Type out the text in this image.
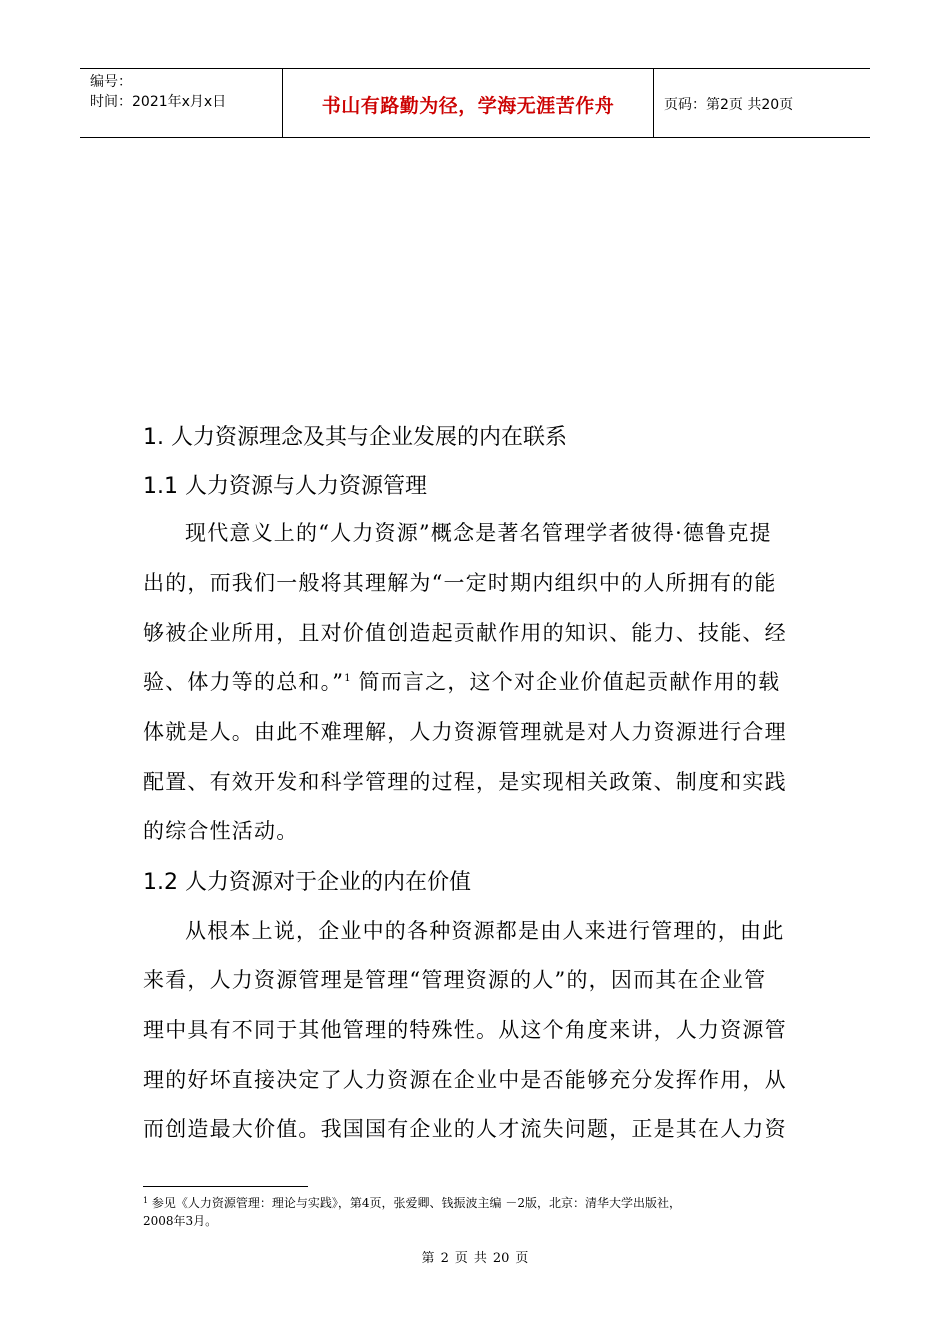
编号：
时间：2021年x月x日	书山有路勤为径，学海无涯苦作舟	页码：第2页 共20页
1. 人力资源理念及其与企业发展的内在联系
1.1 人力资源与人力资源管理
现代意义上的“人力资源”概念是著名管理学者彼得·德鲁克提
出的，而我们一般将其理解为“一定时期内组织中的人所拥有的能
够被企业所用，且对价值创造起贡献作用的知识、能力、技能、经
验、体力等的总和。”$^1$ 简而言之，这个对企业价值起贡献作用的载
体就是人。由此不难理解，人力资源管理就是对人力资源进行合理
配置、有效开发和科学管理的过程，是实现相关政策、制度和实践
的综合性活动。
1.2 人力资源对于企业的内在价值
从根本上说，企业中的各种资源都是由人来进行管理的，由此
来看，人力资源管理是管理“管理资源的人”的，因而其在企业管
理中具有不同于其他管理的特殊性。从这个角度来讲，人力资源管
理的好坏直接决定了人力资源在企业中是否能够充分发挥作用，从
而创造最大价值。我国国有企业的人才流失问题，正是其在人力资
$^1$ 参见《人力资源管理：理论与实践》，第4页，张爱卿、钱振波主编 －2版，北京：清华大学出版社，
2008年3月。
第 2 页 共 20 页
